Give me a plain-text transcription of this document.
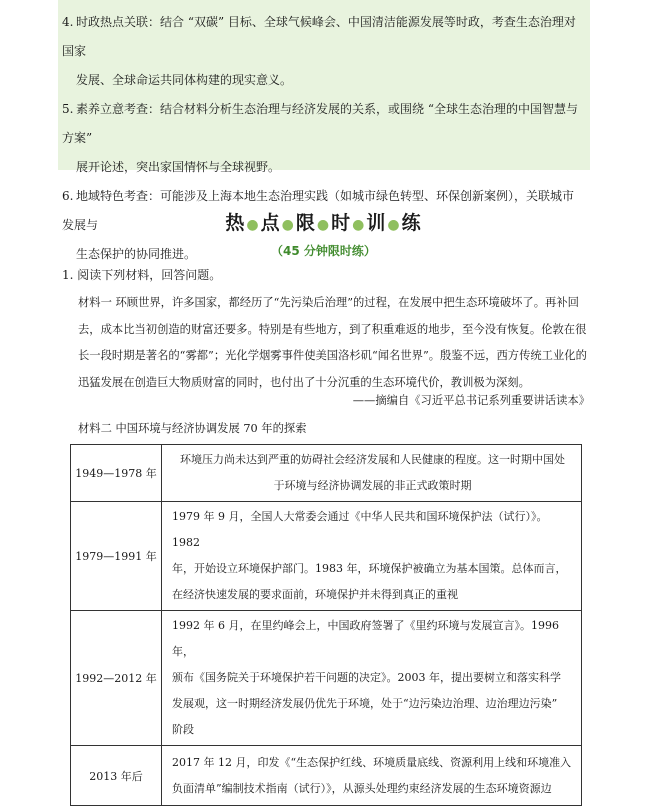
4. 时政热点关联：结合 “双碳” 目标、全球气候峰会、中国清洁能源发展等时政，考查生态治理对国家
发展、全球命运共同体构建的现实意义。
5. 素养立意考查：结合材料分析生态治理与经济发展的关系，或围绕 “全球生态治理的中国智慧与方案”
展开论述，突出家国情怀与全球视野。
6. 地域特色考查：可能涉及上海本地生态治理实践（如城市绿色转型、环保创新案例），关联城市发展与
生态保护的协同推进。
热●点●限●时●训●练
（45 分钟限时练）
1. 阅读下列材料，回答问题。
材料一 环顾世界，许多国家，都经历了“先污染后治理”的过程，在发展中把生态环境破坏了。再补回
去，成本比当初创造的财富还要多。特别是有些地方，到了积重难返的地步，至今没有恢复。伦敦在很
长一段时期是著名的“雾都”；光化学烟雾事件使美国洛杉矶“闻名世界”。殷鉴不远，西方传统工业化的
迅猛发展在创造巨大物质财富的同时，也付出了十分沉重的生态环境代价，教训极为深刻。
——摘编自《习近平总书记系列重要讲话读本》
材料二 中国环境与经济协调发展 70 年的探索
1949—1978 年	环境压力尚未达到严重的妨碍社会经济发展和人民健康的程度。这一时期中国处
于环境与经济协调发展的非正式政策时期

1979—1991 年	1979 年 9 月，全国人大常委会通过《中华人民共和国环境保护法（试行）》。1982
年，开始设立环境保护部门。1983 年，环境保护被确立为基本国策。总体而言，
在经济快速发展的要求面前，环境保护并未得到真正的重视

1992—2012 年	1992 年 6 月，在里约峰会上，中国政府签署了《里约环境与发展宣言》。1996 年，
颁布《国务院关于环境保护若干问题的决定》。2003 年，提出要树立和落实科学
发展观，这一时期经济发展仍优先于环境，处于“边污染边治理、边治理边污染”
阶段

2013 年后	2017 年 12 月，印发《“生态保护红线、环境质量底线、资源利用上线和环境准入
负面清单”编制技术指南（试行）》，从源头处理约束经济发展的生态环境资源边
